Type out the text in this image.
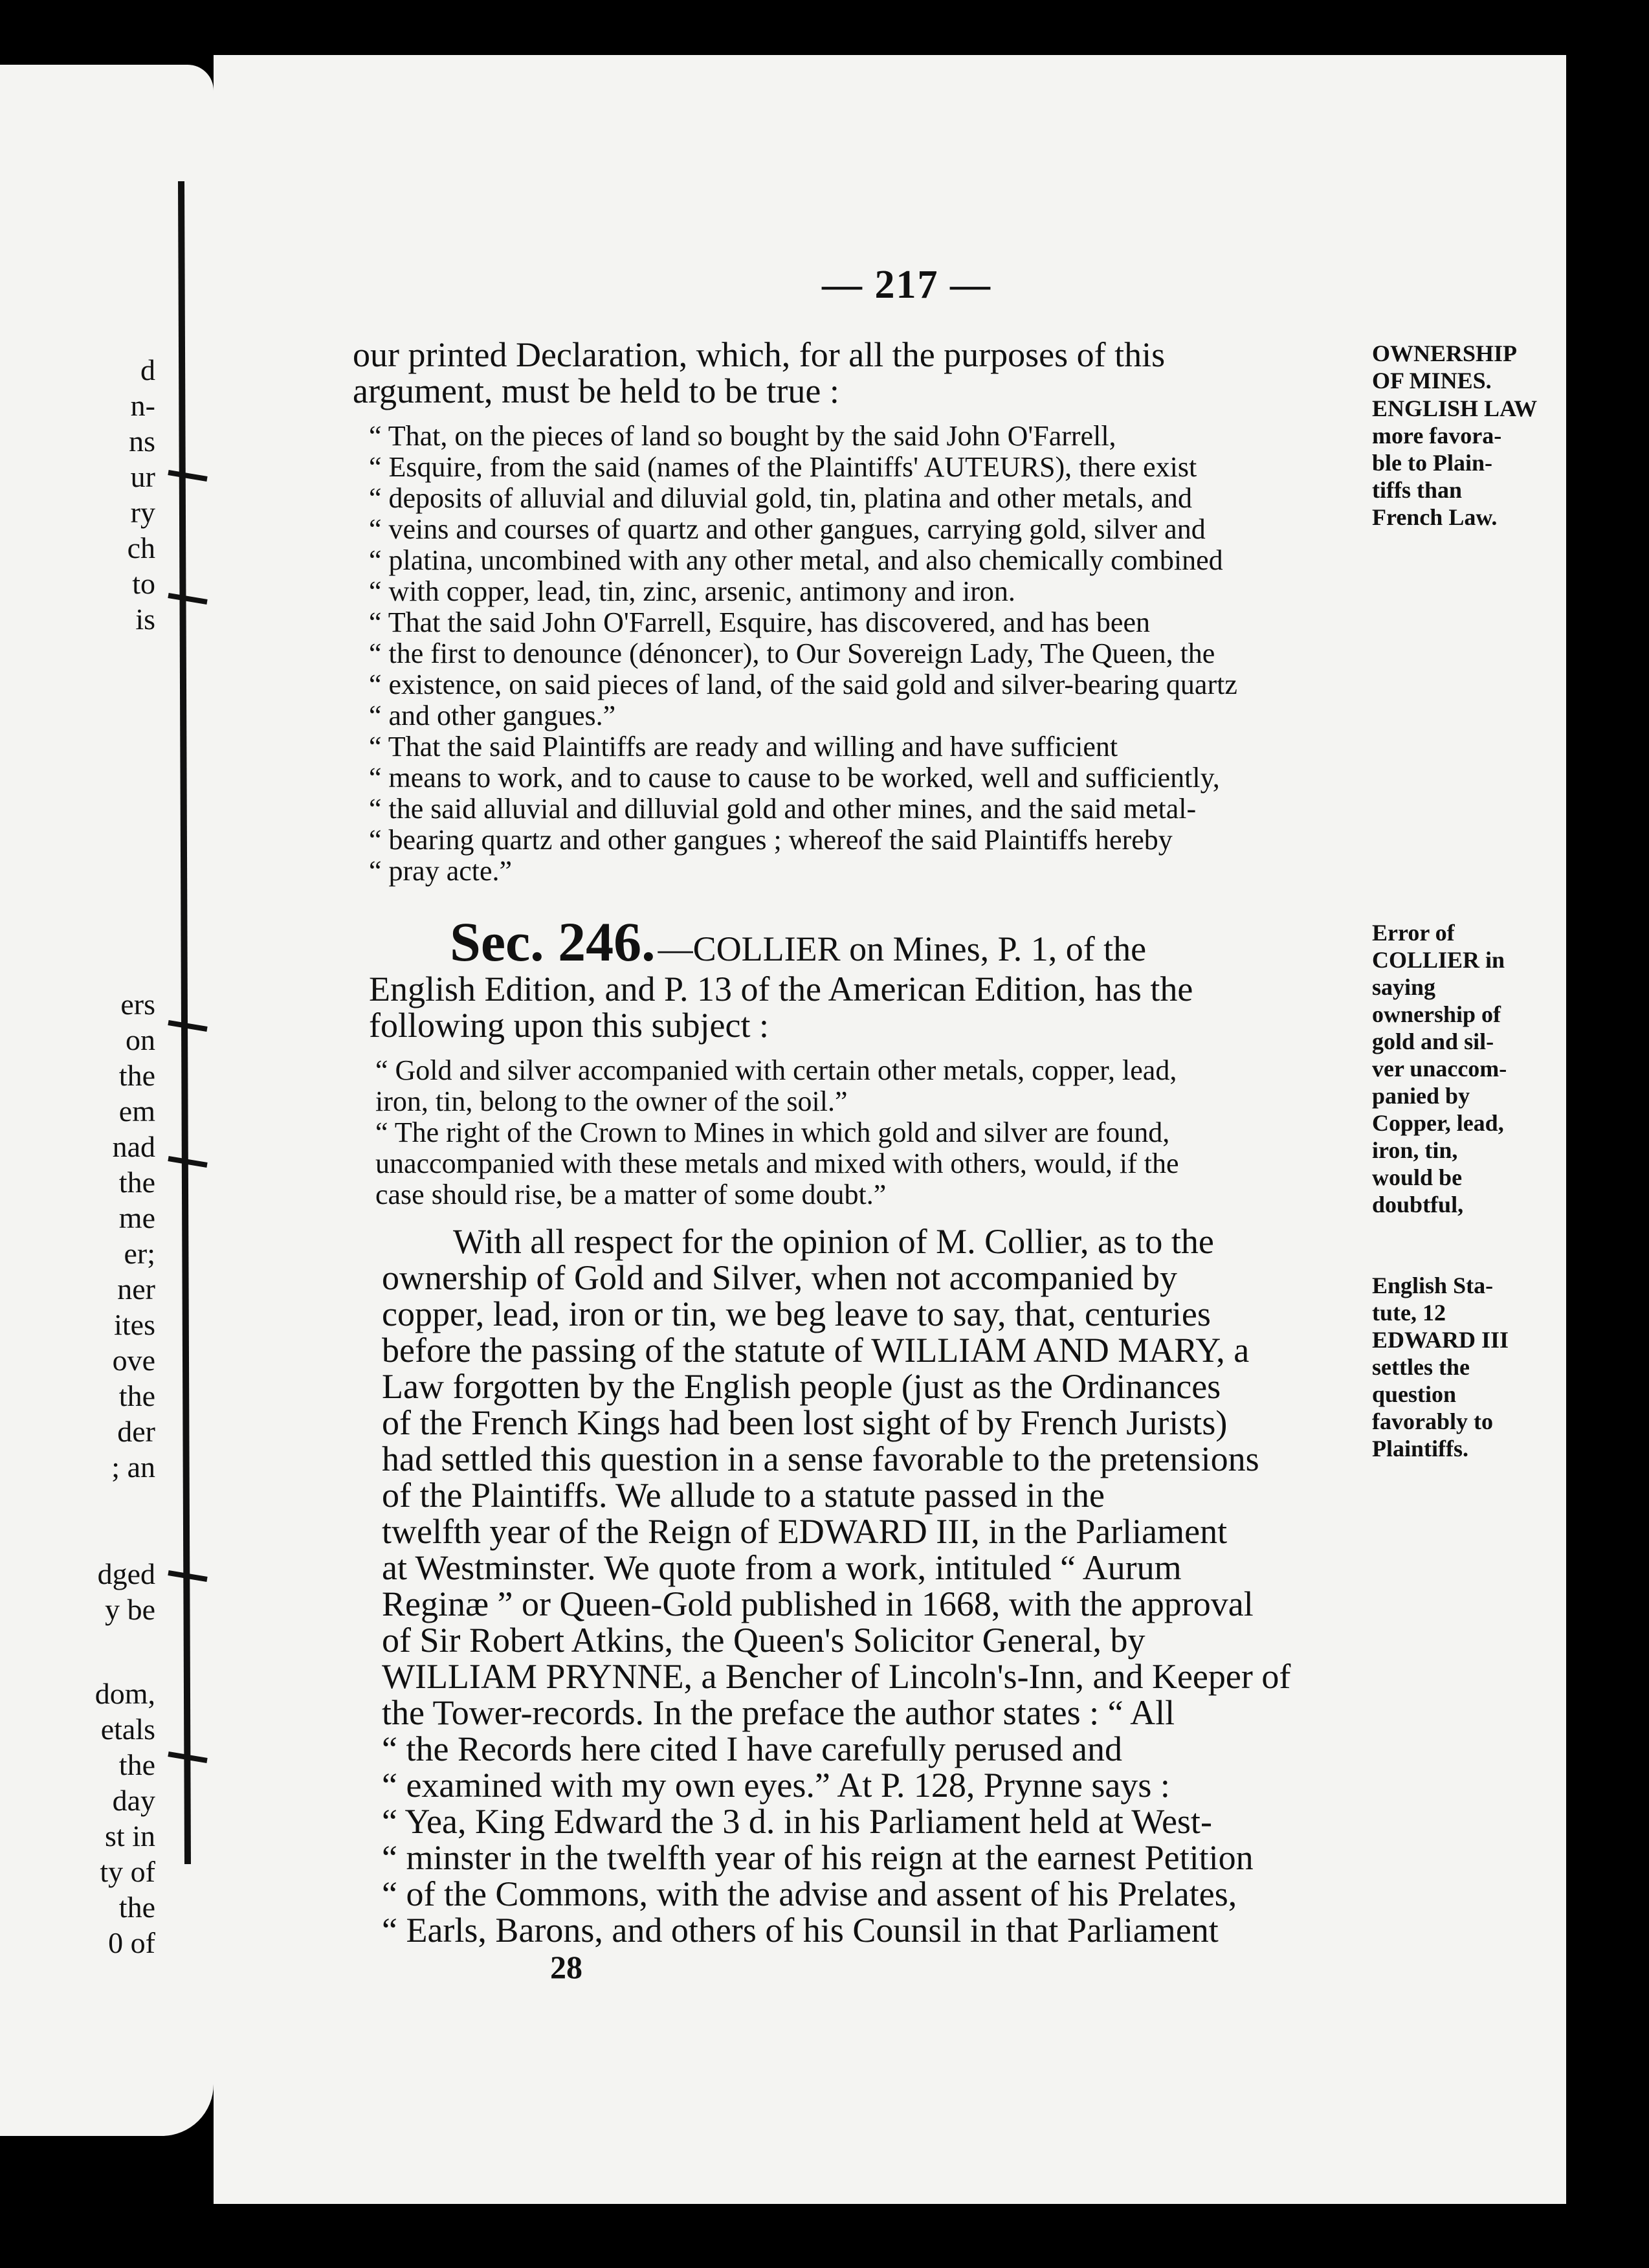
d
n-
ns
ur
ry
ch
to
is
ers
on
the
em
nad
the
me
er;
ner
ites
ove
the
der
; an
dged
y be
dom,
etals
the
day
st in
ty of
the
0 of
— 217 —
our printed Declaration, which, for all the purposes of this
argument, must be held to be true :
“ That, on the pieces of land so bought by the said John O'Farrell,
“ Esquire, from the said (names of the Plaintiffs' AUTEURS), there exist
“ deposits of alluvial and diluvial gold, tin, platina and other metals, and
“ veins and courses of quartz and other gangues, carrying gold, silver and
“ platina, uncombined with any other metal, and also chemically combined
“ with copper, lead, tin, zinc, arsenic, antimony and iron.
“ That the said John O'Farrell, Esquire, has discovered, and has been
“ the first to denounce (dénoncer), to Our Sovereign Lady, The Queen, the
“ existence, on said pieces of land, of the said gold and silver-bearing quartz
“ and other gangues.”
“ That the said Plaintiffs are ready and willing and have sufficient
“ means to work, and to cause to cause to be worked, well and sufficiently,
“ the said alluvial and dilluvial gold and other mines, and the said metal-
“ bearing quartz and other gangues ; whereof the said Plaintiffs hereby
“ pray acte.”
Sec. 246. —COLLIER on Mines, P. 1, of the
English Edition, and P. 13 of the American Edition, has the
following upon this subject :
“ Gold and silver accompanied with certain other metals, copper, lead,
iron, tin, belong to the owner of the soil.”
“ The right of the Crown to Mines in which gold and silver are found,
unaccompanied with these metals and mixed with others, would, if the
case should rise, be a matter of some doubt.”
With all respect for the opinion of M. Collier, as to the
ownership of Gold and Silver, when not accompanied by
copper, lead, iron or tin, we beg leave to say, that, centuries
before the passing of the statute of WILLIAM AND MARY, a
Law forgotten by the English people (just as the Ordinances
of the French Kings had been lost sight of by French Jurists)
had settled this question in a sense favorable to the pretensions
of the Plaintiffs. We allude to a statute passed in the
twelfth year of the Reign of EDWARD III, in the Parliament
at Westminster. We quote from a work, intituled “ Aurum
Reginæ ” or Queen-Gold published in 1668, with the approval
of Sir Robert Atkins, the Queen's Solicitor General, by
WILLIAM PRYNNE, a Bencher of Lincoln's-Inn, and Keeper of
the Tower-records. In the preface the author states : “ All
“ the Records here cited I have carefully perused and
“ examined with my own eyes.” At P. 128, Prynne says :
“ Yea, King Edward the 3 d. in his Parliament held at West-
“ minster in the twelfth year of his reign at the earnest Petition
“ of the Commons, with the advise and assent of his Prelates,
“ Earls, Barons, and others of his Counsil in that Parliament
28
OWNERSHIP
OF MINES.
ENGLISH LAW
more favora-
ble to Plain-
tiffs than
French Law.
Error of
COLLIER in
saying
ownership of
gold and sil-
ver unaccom-
panied by
Copper, lead,
iron, tin,
would be
doubtful,
English Sta-
tute, 12
EDWARD III
settles the
question
favorably to
Plaintiffs.
